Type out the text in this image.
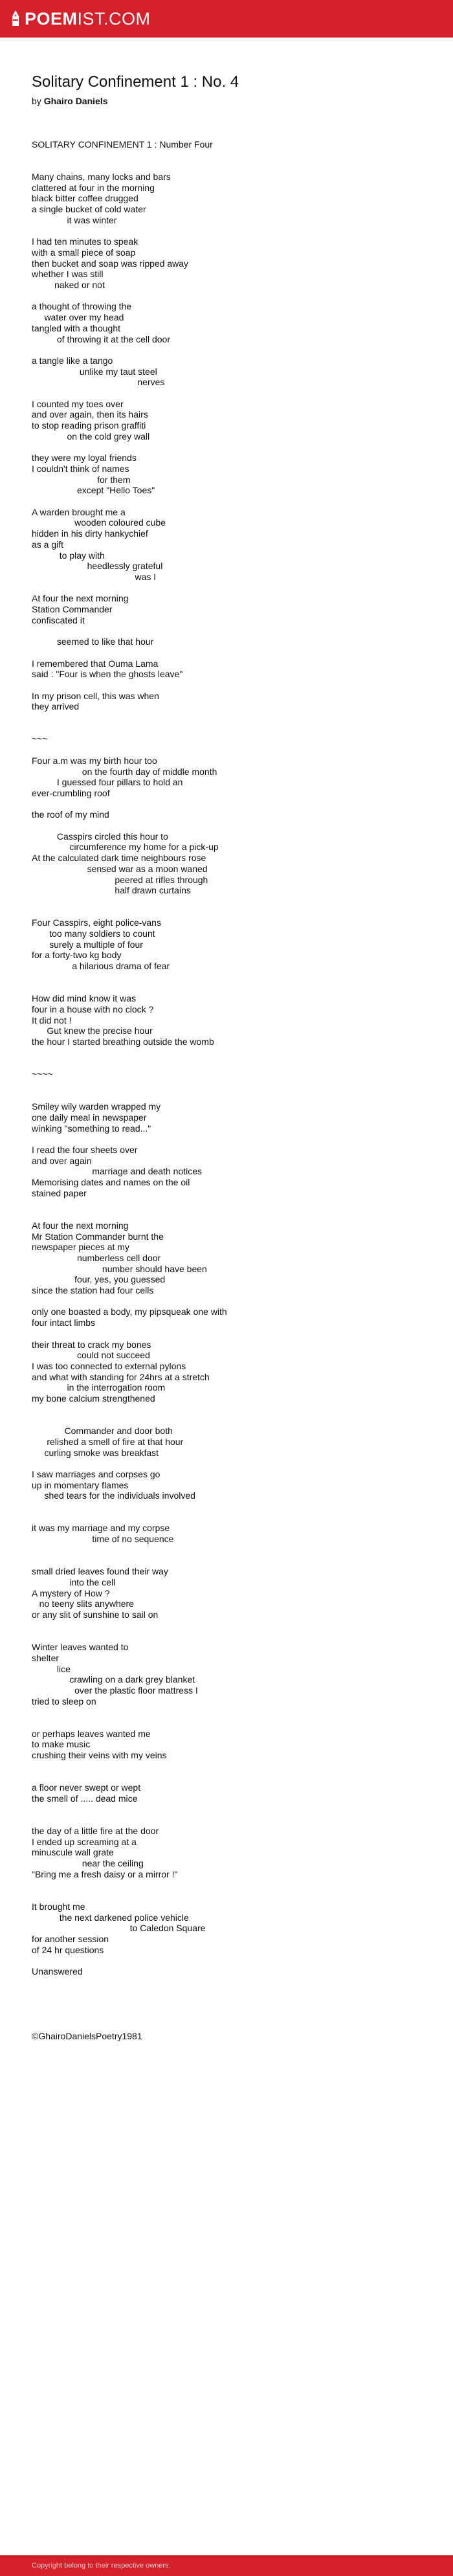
POEMIST.COM
Solitary Confinement 1 : No. 4
by Ghairo Daniels
SOLITARY CONFINEMENT 1 : Number Four
Many chains, many locks and bars
clattered at four in the morning
black bitter coffee drugged
a single bucket of cold water
it was winter
I had ten minutes to speak
with a small piece of soap
then bucket and soap was ripped away
whether I was still
naked or not
a thought of throwing the
water over my head
tangled with a thought
of throwing it at the cell door
a tangle like a tango
unlike my taut steel
nerves
I counted my toes over
and over again, then its hairs
to stop reading prison graffiti
on the cold grey wall
they were my loyal friends
I couldn't think of names
for them
except "Hello Toes"
A warden brought me a
wooden coloured cube
hidden in his dirty hankychief
as a gift
to play with
heedlessly grateful
was I
At four the next morning
Station Commander
confiscated it
seemed to like that hour
I remembered that Ouma Lama
said : "Four is when the ghosts leave"
In my prison cell, this was when
they arrived
~~~
Four a.m was my birth hour too
on the fourth day of middle month
I guessed four pillars to hold an
ever-crumbling roof
the roof of my mind
Casspirs circled this hour to
circumference my home for a pick-up
At the calculated dark time neighbours rose
sensed war as a moon waned
peered at rifles through
half drawn curtains
Four Casspirs, eight police-vans
too many soldiers to count
surely a multiple of four
for a forty-two kg body
a hilarious drama of fear
How did mind know it was
four in a house with no clock ?
It did not !
Gut knew the precise hour
the hour I started breathing outside the womb
~~~~
Smiley wily warden wrapped my
one daily meal in newspaper
winking "something to read..."
I read the four sheets over
and over again
marriage and death notices
Memorising dates and names on the oil
stained paper
At four the next morning
Mr Station Commander burnt the
newspaper pieces at my
numberless cell door
number should have been
four, yes, you guessed
since the station had four cells
only one boasted a body, my pipsqueak one with
four intact limbs
their threat to crack my bones
could not succeed
I was too connected to external pylons
and what with standing for 24hrs at a stretch
in the interrogation room
my bone calcium strengthened
Commander and door both
relished a smell of fire at that hour
curling smoke was breakfast
I saw marriages and corpses go
up in momentary flames
shed tears for the individuals involved
it was my marriage and my corpse
time of no sequence
small dried leaves found their way
into the cell
A mystery of How ?
no teeny slits anywhere
or any slit of sunshine to sail on
Winter leaves wanted to
shelter
lice
crawling on a dark grey blanket
over the plastic floor mattress I
tried to sleep on
or perhaps leaves wanted me
to make music
crushing their veins with my veins
a floor never swept or wept
the smell of ..... dead mice
the day of a little fire at the door
I ended up screaming at a
minuscule wall grate
near the ceiling
"Bring me a fresh daisy or a mirror !"
It brought me
the next darkened police vehicle
to Caledon Square
for another session
of 24 hr questions
Unanswered
©GhairoDanielsPoetry1981
Copyright belong to their respective owners.
